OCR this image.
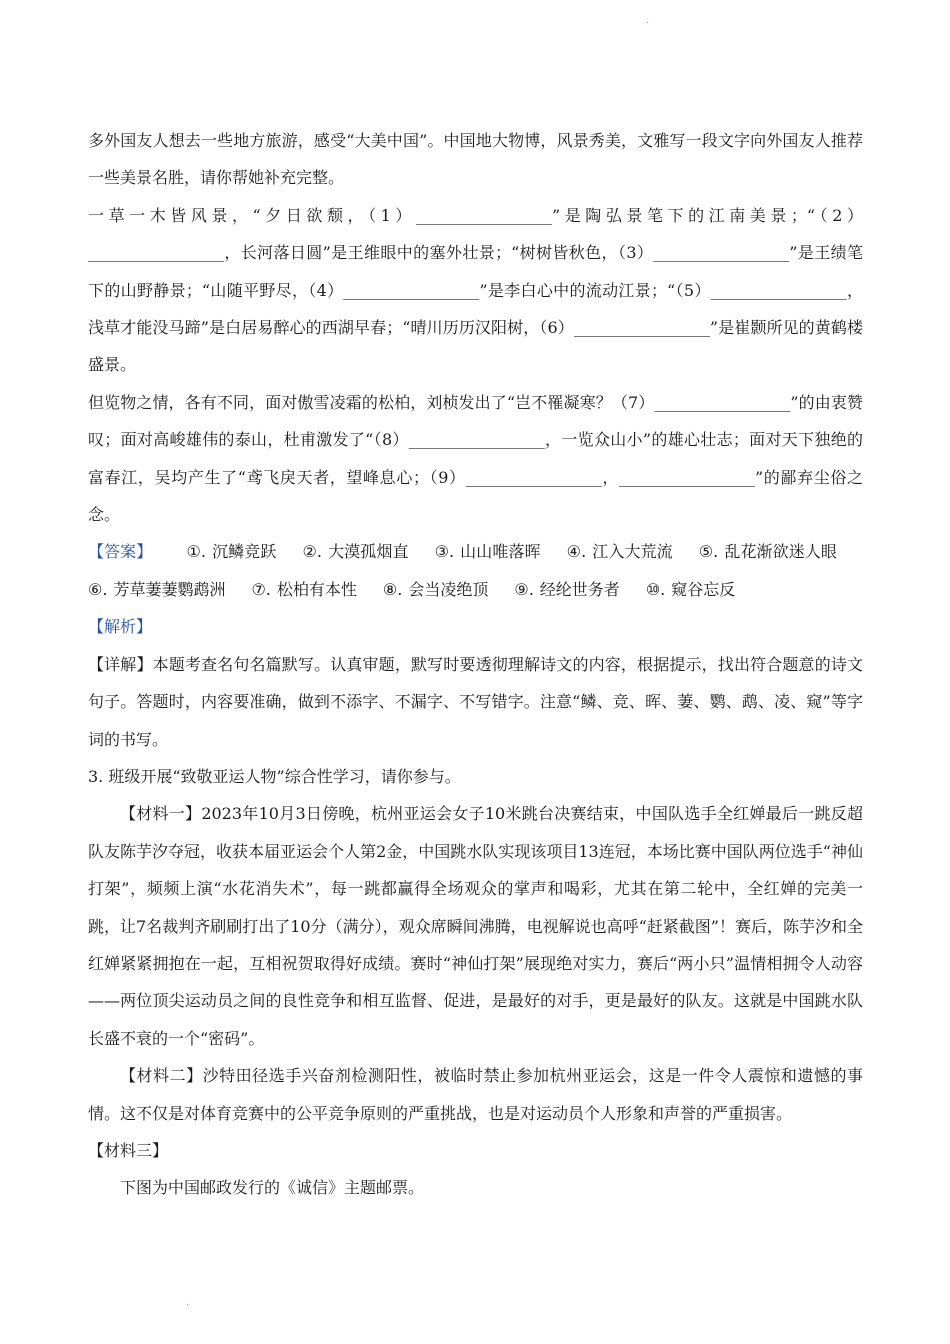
·

多外国友人想去一些地方旅游，感受“大美中国”。中国地大物博，风景秀美，文雅写一段文字向外国友人推荐一些美景名胜，请你帮她补充完整。

一草一木皆风景，“夕日欲颓，（1）_________________”是陶弘景笔下的江南美景；“（2）_________________，长河落日圆”是王维眼中的塞外壮景；“树树皆秋色，（3）_________________”是王绩笔下的山野静景；“山随平野尽，（4）_________________”是李白心中的流动江景；“（5）_________________，浅草才能没马蹄”是白居易醉心的西湖早春；“晴川历历汉阳树，（6）_________________”是崔颢所见的黄鹤楼盛景。

但览物之情，各有不同，面对傲雪凌霜的松柏，刘桢发出了“岂不罹凝寒？（7）_________________”的由衷赞叹；面对高峻雄伟的泰山，杜甫激发了“（8）_________________，一览众山小”的雄心壮志；面对天下独绝的富春江，吴均产生了“鸢飞戾天者，望峰息心；（9）_________________，_________________”的鄙弃尘俗之念。

【答案】 ①. 沉鳞竞跃 ②. 大漠孤烟直 ③. 山山唯落晖 ④. 江入大荒流 ⑤. 乱花渐欲迷人眼⑥. 芳草萋萋鹦鹉洲 ⑦. 松柏有本性 ⑧. 会当凌绝顶 ⑨. 经纶世务者 ⑩. 窥谷忘反

【解析】

【详解】本题考查名句名篇默写。认真审题，默写时要透彻理解诗文的内容，根据提示，找出符合题意的诗文句子。答题时，内容要准确，做到不添字、不漏字、不写错字。注意“鳞、竞、晖、萋、鹦、鹉、凌、窥”等字词的书写。

3. 班级开展“致敬亚运人物”综合性学习，请你参与。

【材料一】2023年10月3日傍晚，杭州亚运会女子10米跳台决赛结束，中国队选手全红婵最后一跳反超队友陈芋汐夺冠，收获本届亚运会个人第2金，中国跳水队实现该项目13连冠，本场比赛中国队两位选手“神仙打架”，频频上演“水花消失术”，每一跳都赢得全场观众的掌声和喝彩，尤其在第二轮中，全红婵的完美一跳，让7名裁判齐刷刷打出了10分（满分），观众席瞬间沸腾，电视解说也高呼“赶紧截图”！赛后，陈芋汐和全红婵紧紧拥抱在一起，互相祝贺取得好成绩。赛时“神仙打架”展现绝对实力，赛后“两小只”温情相拥令人动容——两位顶尖运动员之间的良性竞争和相互监督、促进，是最好的对手，更是最好的队友。这就是中国跳水队长盛不衰的一个“密码”。

【材料二】沙特田径选手兴奋剂检测阳性，被临时禁止参加杭州亚运会，这是一件令人震惊和遗憾的事情。这不仅是对体育竞赛中的公平竞争原则的严重挑战，也是对运动员个人形象和声誉的严重损害。

【材料三】

下图为中国邮政发行的《诚信》主题邮票。

·
